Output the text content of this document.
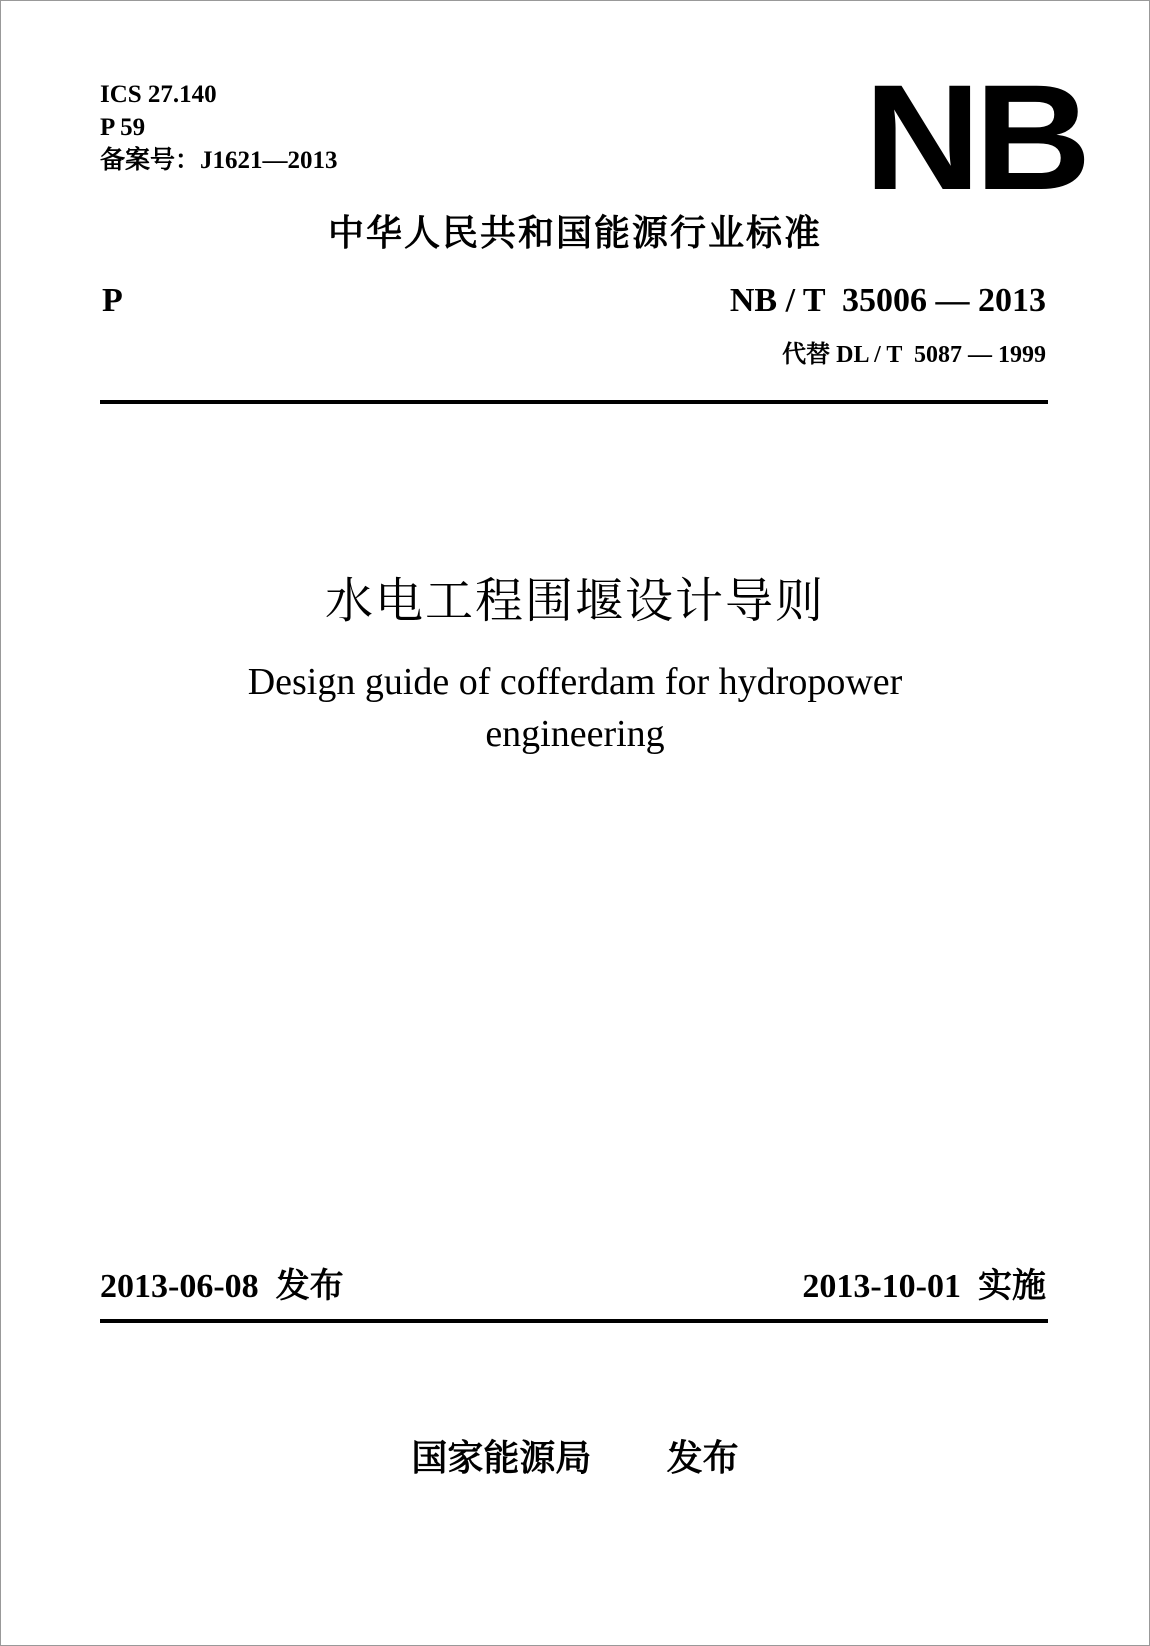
ICS 27.140
P 59
备案号：J1621—2013	NB
中华人民共和国能源行业标准
P	NB / T  35006 — 2013
代替 DL / T  5087 — 1999
水电工程围堰设计导则
Design guide of cofferdam for hydropower
engineering
2013-06-08  发布	2013-10-01  实施
国家能源局      发布
